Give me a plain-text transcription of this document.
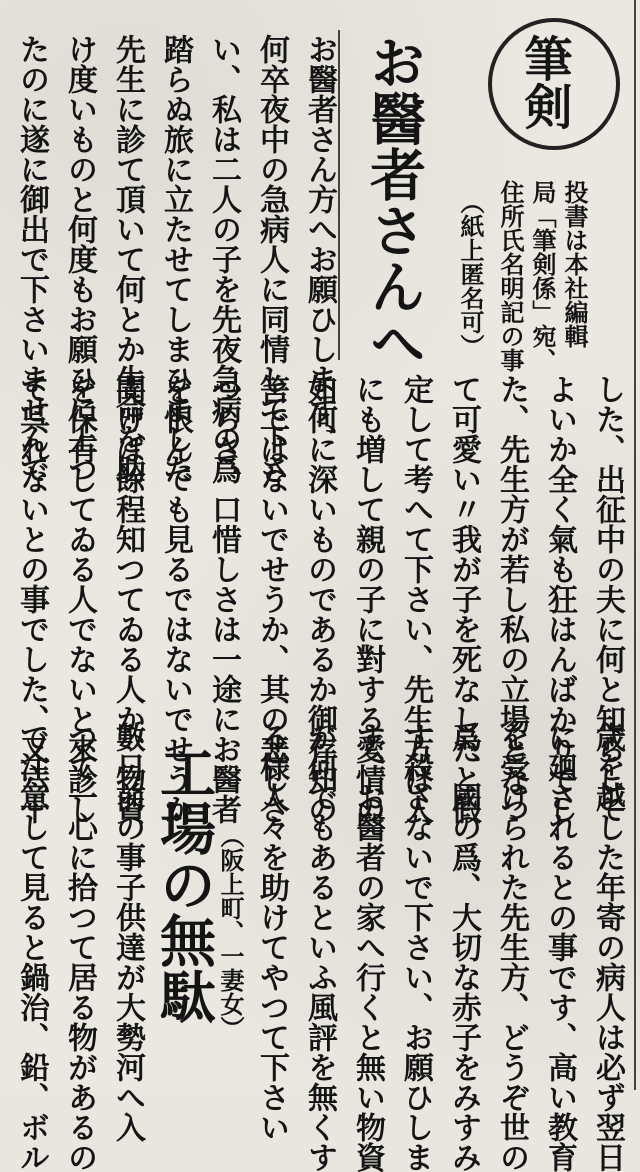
筆剣
投書は本社編輯
局「筆剣係」宛、
住所氏名明記の事
（紙上匿名可）
お醫者さんへ
お醫者さん方へお願ひします、
何卒夜中の急病人に同情して下さ
い、私は二人の子を先夜急病の爲
踏らぬ旅に立たせてしまひました
先生に診て頂いて何とか生命を助
け度いものと何度もお願ひに上つ
たのに遂に御出で下さいませんで
した、出征中の夫に何と知らして
よいか全く氣も狂はんばかりでし
た、先生方が若し私の立場となつ
て可愛い〃我が子を死なしたと假
定して考へて下さい、先生方は人
にも増して親の子に對する愛情の
如何に深いものであるか御存知の
筈ではないでせうか、其の悲しさ
つらさ、口惜しさは一途にお醫者
を恨んでも見るではないでせうか
聞けば餘程知つてゐる人か、物資
を保有してゐる人でないと來診し
て呉れないとの事でした、又六十
歳を越した年寄の病人は必ず翌日
に廻されるとの事です、高い教育
を受けられた先生方、どうぞ世の
爲、國の爲、大切な赤子をみすみ
す殺さないで下さい、お願ひしま
す、お醫者の家へ行くと無い物資
が何でもあるといふ風評を無くす
る様人々を助けてやつて下さい
（阪上町、一妻女）
工場の無駄
數日前の事子供達が大勢河へ入
つて一心に拾つて居る物があるの
で注意して見ると鍋治、鉛、ボル
